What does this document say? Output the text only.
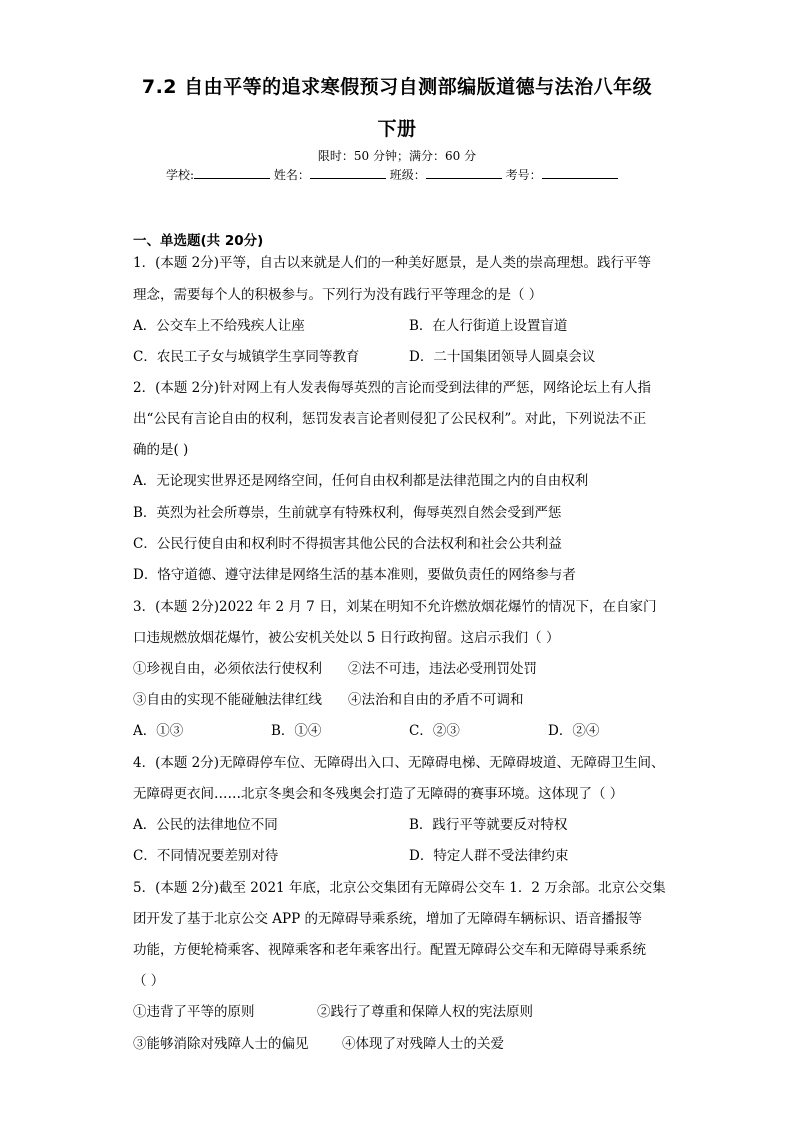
7.2 自由平等的追求寒假预习自测部编版道德与法治八年级
下册
限时：50 分钟；满分：60 分
学校:	姓名：	班级：	考号：
一、单选题(共 20分)
1．(本题 2分)平等，自古以来就是人们的一种美好愿景，是人类的崇高理想。践行平等
理念，需要每个人的积极参与。下列行为没有践行平等理念的是（ ）
A．公交车上不给残疾人让座	B．在人行街道上设置盲道
C．农民工子女与城镇学生享同等教育	D．二十国集团领导人圆桌会议
2．(本题 2分)针对网上有人发表侮辱英烈的言论而受到法律的严惩，网络论坛上有人指
出“公民有言论自由的权利，惩罚发表言论者则侵犯了公民权利”。对此，下列说法不正
确的是( )
A．无论现实世界还是网络空间，任何自由权利都是法律范围之内的自由权利
B．英烈为社会所尊崇，生前就享有特殊权利，侮辱英烈自然会受到严惩
C．公民行使自由和权利时不得损害其他公民的合法权利和社会公共利益
D．恪守道德、遵守法律是网络生活的基本准则，要做负责任的网络参与者
3．(本题 2分)2022 年 2 月 7 日，刘某在明知不允许燃放烟花爆竹的情况下，在自家门
口违规燃放烟花爆竹，被公安机关处以 5 日行政拘留。这启示我们（ ）
①珍视自由，必须依法行使权利 ②法不可违，违法必受刑罚处罚
③自由的实现不能碰触法律红线 ④法治和自由的矛盾不可调和
A．①③	B．①④	C．②③	D．②④
4．(本题 2分)无障碍停车位、无障碍出入口、无障碍电梯、无障碍坡道、无障碍卫生间、
无障碍更衣间……北京冬奥会和冬残奥会打造了无障碍的赛事环境。这体现了（ ）
A．公民的法律地位不同	B．践行平等就要反对特权
C．不同情况要差别对待	D．特定人群不受法律约束
5．(本题 2分)截至 2021 年底，北京公交集团有无障碍公交车 1．2 万余部。北京公交集
团开发了基于北京公交 APP 的无障碍导乘系统，增加了无障碍车辆标识、语音播报等
功能，方便轮椅乘客、视障乘客和老年乘客出行。配置无障碍公交车和无障碍导乘系统
（ ）
①违背了平等的原则	②践行了尊重和保障人权的宪法原则
③能够消除对残障人士的偏见 ④体现了对残障人士的关爱
